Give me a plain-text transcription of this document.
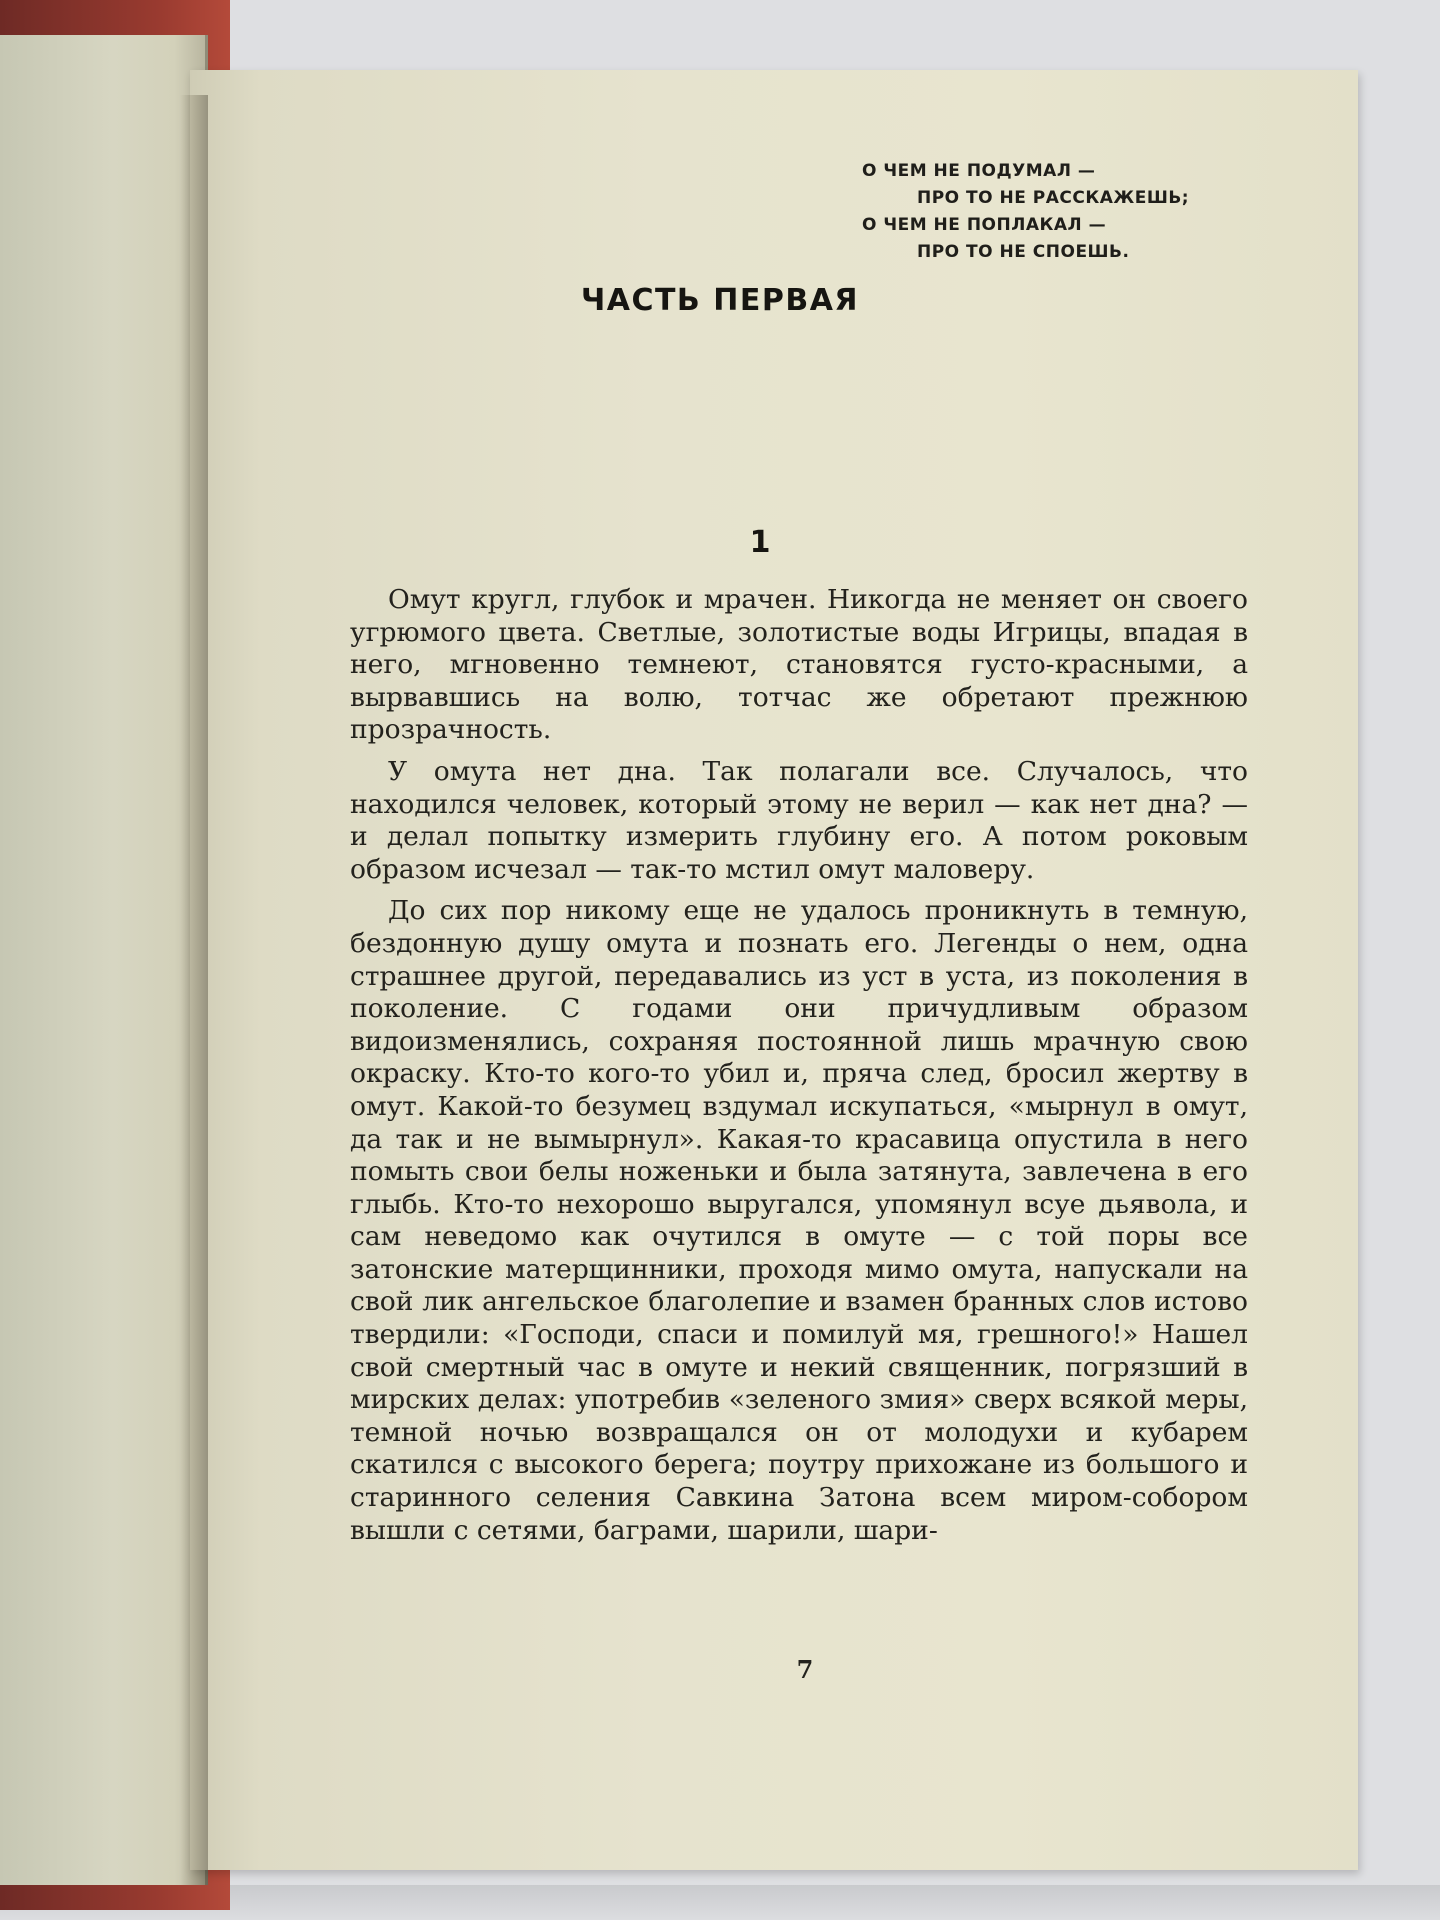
О ЧЕМ НЕ ПОДУМАЛ —
ПРО ТО НЕ РАССКАЖЕШЬ;
О ЧЕМ НЕ ПОПЛАКАЛ —
ПРО ТО НЕ СПОЕШЬ.
ЧАСТЬ ПЕРВАЯ
1

Омут кругл, глубок и мрачен. Никогда не меняет он своего угрюмого цвета. Светлые, золотистые воды Игрицы, впадая в него, мгновенно темнеют, становятся густо-красными, а вырвавшись на волю, тотчас же обретают прежнюю прозрачность.

У омута нет дна. Так полагали все. Случалось, что находился человек, который этому не верил — как нет дна? — и делал попытку измерить глубину его. А потом роковым образом исчезал — так-то мстил омут маловеру.

До сих пор никому еще не удалось проникнуть в темную, бездонную душу омута и познать его. Легенды о нем, одна страшнее другой, передавались из уст в уста, из поколения в поколение. С годами они причудливым образом видоизменялись, сохраняя постоянной лишь мрачную свою окраску. Кто-то кого-то убил и, пряча след, бросил жертву в омут. Какой-то безумец вздумал искупаться, «мырнул в омут, да так и не вымырнул». Какая-то красавица опустила в него помыть свои белы ноженьки и была затянута, завлечена в его глыбь. Кто-то нехорошо выругался, упомянул всуе дьявола, и сам неведомо как очутился в омуте — с той поры все затонские матерщинники, проходя мимо омута, напускали на свой лик ангельское благолепие и взамен бранных слов истово твердили: «Господи, спаси и помилуй мя, грешного!» Нашел свой смертный час в омуте и некий священник, погрязший в мирских делах: употребив «зеленого змия» сверх всякой меры, темной ночью возвращался он от молодухи и кубарем скатился с высокого берега; поутру прихожане из большого и старинного селения Савкина Затона всем миром-собором вышли с сетями, баграми, шарили, шари-

7
